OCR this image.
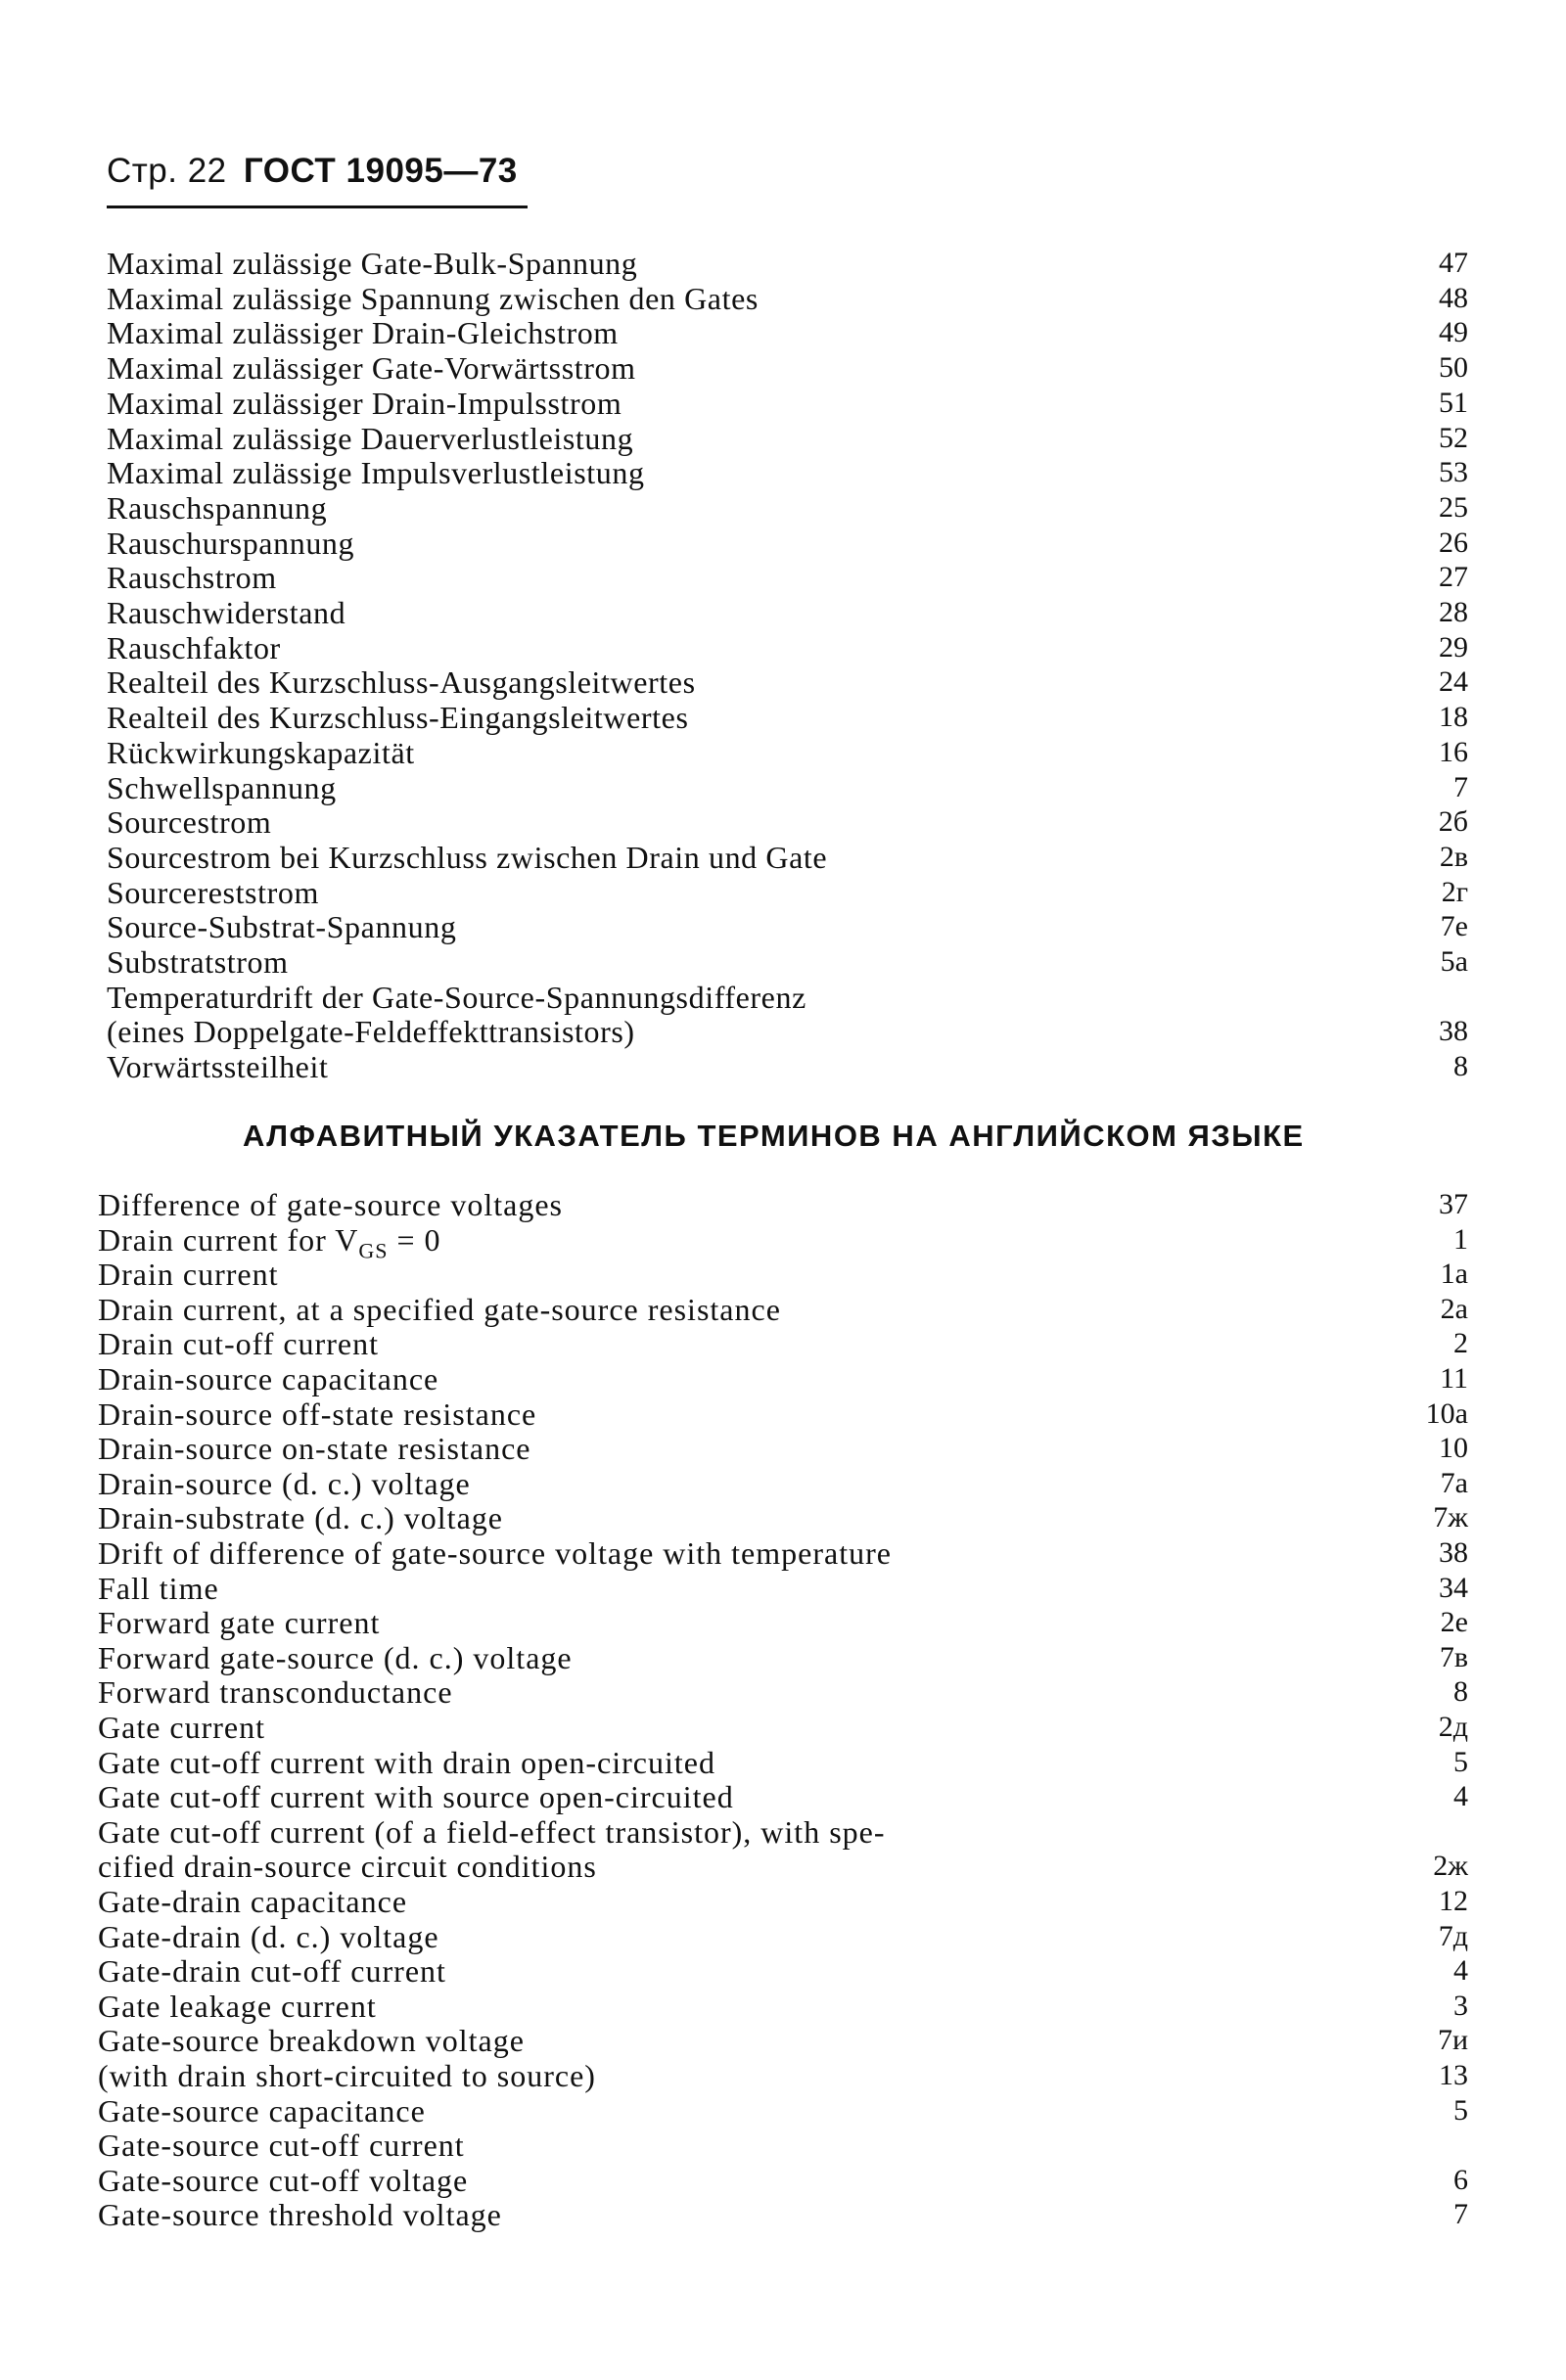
Стр. 22 ГОСТ 19095—73
Maximal zulässige Gate-Bulk-Spannung	47
Maximal zulässige Spannung zwischen den Gates	48
Maximal zulässiger Drain-Gleichstrom	49
Maximal zulässiger Gate-Vorwärtsstrom	50
Maximal zulässiger Drain-Impulsstrom	51
Maximal zulässige Dauerverlustleistung	52
Maximal zulässige Impulsverlustleistung	53
Rauschspannung	25
Rauschurspannung	26
Rauschstrom	27
Rauschwiderstand	28
Rauschfaktor	29
Realteil des Kurzschluss-Ausgangsleitwertes	24
Realteil des Kurzschluss-Eingangsleitwertes	18
Rückwirkungskapazität	16
Schwellspannung	7
Sourcestrom	2б
Sourcestrom bei Kurzschluss zwischen Drain und Gate	2в
Sourcereststrom	2г
Source-Substrat-Spannung	7е
Substratstrom	5а
Temperaturdrift der Gate-Source-Spannungsdifferenz
(eines Doppelgate-Feldeffekttransistors)	38
Vorwärtssteilheit	8
АЛФАВИТНЫЙ УКАЗАТЕЛЬ ТЕРМИНОВ НА АНГЛИЙСКОМ ЯЗЫКЕ
Difference of gate-source voltages	37
Drain current for $V_{GS} = 0$	1
Drain current	1а
Drain current, at a specified gate-source resistance	2а
Drain cut-off current	2
Drain-source capacitance	11
Drain-source off-state resistance	10а
Drain-source on-state resistance	10
Drain-source (d. c.) voltage	7а
Drain-substrate (d. c.) voltage	7ж
Drift of difference of gate-source voltage with temperature	38
Fall time	34
Forward gate current	2е
Forward gate-source (d. c.) voltage	7в
Forward transconductance	8
Gate current	2д
Gate cut-off current with drain open-circuited	5
Gate cut-off current with source open-circuited	4
Gate cut-off current (of a field-effect transistor), with spe-
cified drain-source circuit conditions	2ж
Gate-drain capacitance	12
Gate-drain (d. c.) voltage	7д
Gate-drain cut-off current	4
Gate leakage current	3
Gate-source breakdown voltage	7и
(with drain short-circuited to source)	13
Gate-source capacitance	5
Gate-source cut-off current
Gate-source cut-off voltage	6
Gate-source threshold voltage	7
